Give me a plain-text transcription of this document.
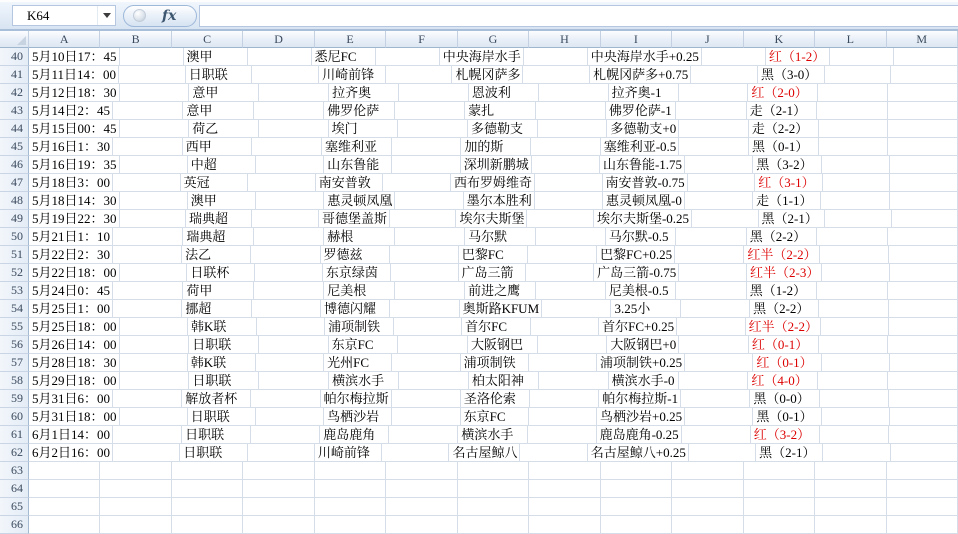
K64	fx
A	B	C	D	E	F	G	H	I	J	K	L	M
40 5月10日17：45	澳甲	悉尼FC	中央海岸水手	中央海岸水手+0.25	红（1-2）
41 5月11日14：00	日职联	川崎前锋	札幌冈萨多	札幌冈萨多+0.75	黑（3-0）
42 5月12日18：30	意甲	拉齐奥	恩波利	拉齐奥-1	红（2-0）
43 5月14日2：45	意甲	佛罗伦萨	蒙扎	佛罗伦萨-1	走（2-1）
44 5月15日00：45	荷乙	埃门	多德勒支	多德勒支+0	走（2-2）
45 5月16日1：30	西甲	塞维利亚	加的斯	塞维利亚-0.5	黑（0-1）
46 5月16日19：35	中超	山东鲁能	深圳新鹏城	山东鲁能-1.75	黑（3-2）
47 5月18日3：00	英冠	南安普敦	西布罗姆维奇	南安普敦-0.75	红（3-1）
48 5月18日14：30	澳甲	惠灵顿凤凰	墨尔本胜利	惠灵顿凤凰-0	走（1-1）
49 5月19日22：30	瑞典超	哥德堡盖斯	埃尔夫斯堡	埃尔夫斯堡-0.25	黑（2-1）
50 5月21日1：10	瑞典超	赫根	马尔默	马尔默-0.5	黑（2-2）
51 5月22日2：30	法乙	罗德兹	巴黎FC	巴黎FC+0.25	红半（2-2）
52 5月22日18：00	日联杯	东京绿茵	广岛三箭	广岛三箭-0.75	红半（2-3）
53 5月24日0：45	荷甲	尼美根	前进之鹰	尼美根-0.5	黑（1-2）
54 5月25日1：00	挪超	博德闪耀	奥斯路KFUM	3.25小	黑（2-2）
55 5月25日18：00	韩K联	浦项制铁	首尔FC	首尔FC+0.25	红半（2-2）
56 5月26日14：00	日职联	东京FC	大阪钢巴	大阪钢巴+0	红（0-1）
57 5月28日18：30	韩K联	光州FC	浦项制铁	浦项制铁+0.25	红（0-1）
58 5月29日18：00	日职联	横滨水手	柏太阳神	横滨水手-0	红（4-0）
59 5月31日6：00	解放者杯	帕尔梅拉斯	圣洛伦索	帕尔梅拉斯-1	黑（0-0）
60 5月31日18：00	日职联	鸟栖沙岩	东京FC	鸟栖沙岩+0.25	黑（0-1）
61 6月1日14：00	日职联	鹿岛鹿角	横滨水手	鹿岛鹿角-0.25	红（3-2）
62 6月2日16：00	日职联	川崎前锋	名古屋鲸八	名古屋鲸八+0.25	黑（2-1）
63
64
65
66
